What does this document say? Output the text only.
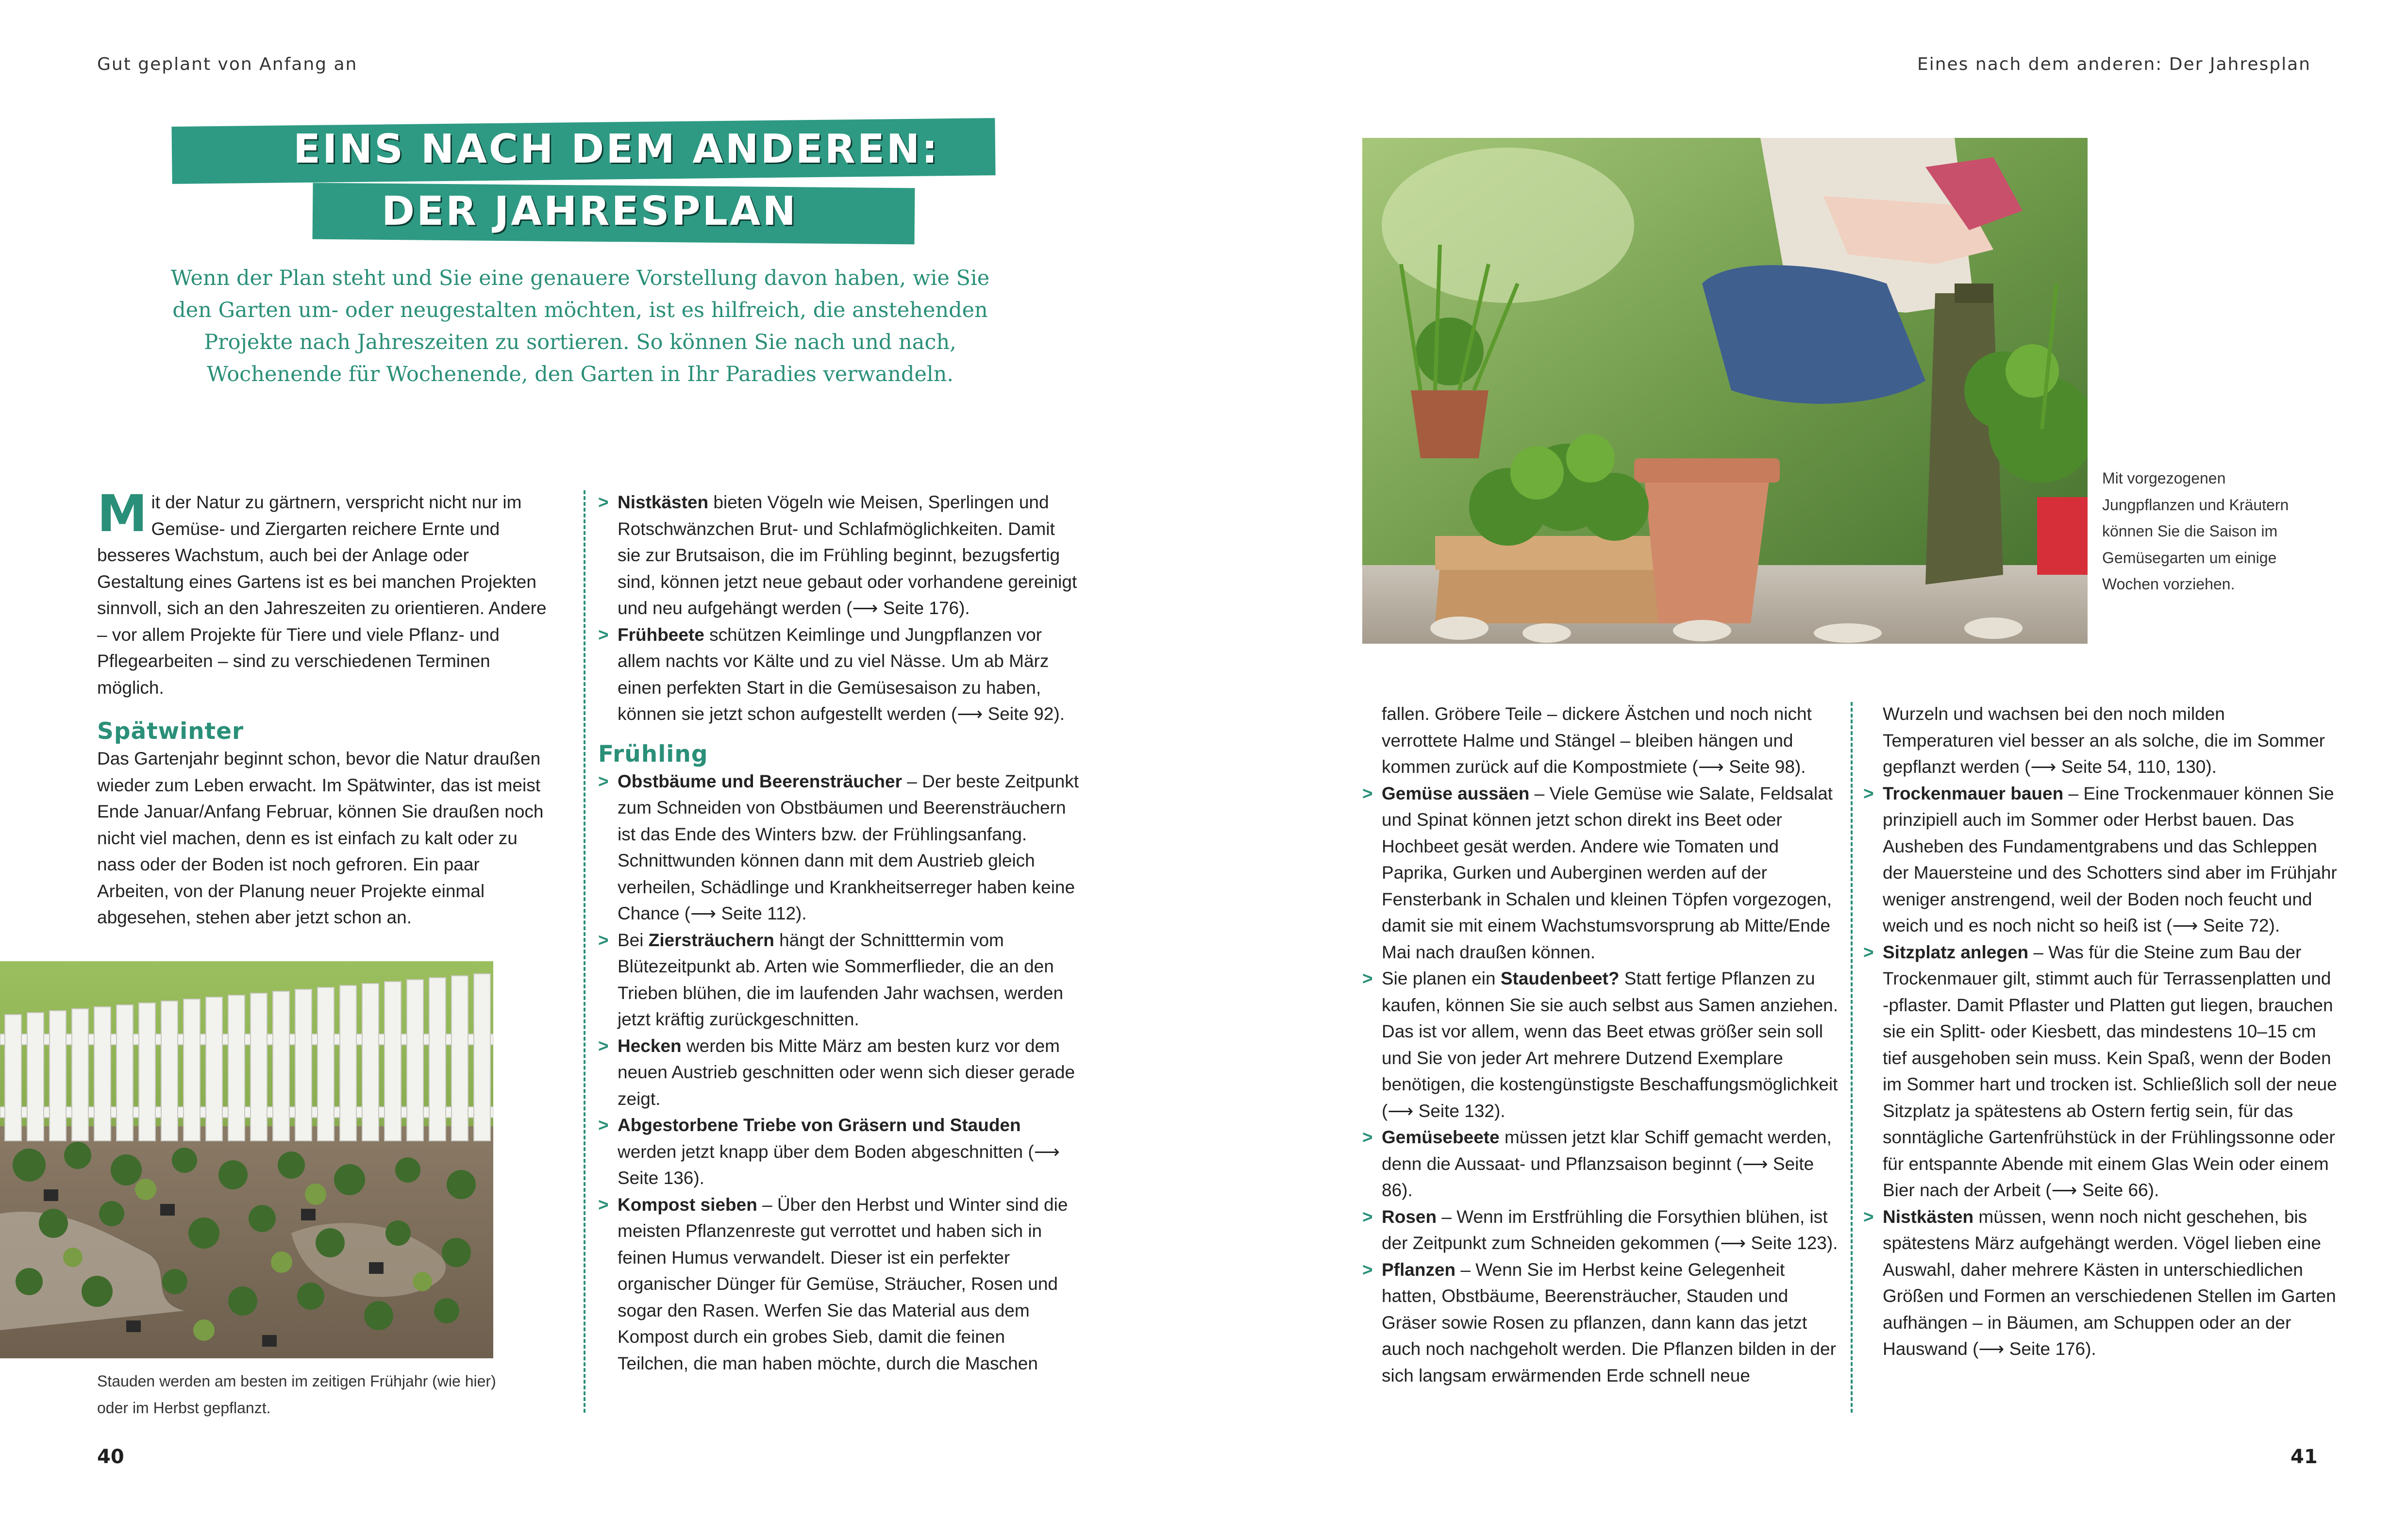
Gut geplant von Anfang an	Eines nach dem anderen: Der Jahresplan
40	41
EINS NACH DEM ANDEREN:
DER JAHRESPLAN
Wenn der Plan steht und Sie eine genauere Vorstellung davon haben, wie Sie den Garten um- oder neugestalten möchten, ist es hilfreich, die anstehenden Projekte nach Jahreszeiten zu sortieren. So können Sie nach und nach, Wochenende für Wochenende, den Garten in Ihr Paradies verwandeln.

Mit der Natur zu gärtnern, verspricht nicht nur im Gemüse- und Ziergarten reichere Ernte und besseres Wachstum, auch bei der Anlage oder Gestaltung eines Gartens ist es bei manchen Projekten sinnvoll, sich an den Jahreszeiten zu orientieren. Andere – vor allem Projekte für Tiere und viele Pflanz- und Pflegearbeiten – sind zu verschiedenen Terminen möglich.

Spätwinter

Das Gartenjahr beginnt schon, bevor die Natur draußen wieder zum Leben erwacht. Im Spätwinter, das ist meist Ende Januar/Anfang Februar, können Sie draußen noch nicht viel machen, denn es ist einfach zu kalt oder zu nass oder der Boden ist noch gefroren. Ein paar Arbeiten, von der Planung neuer Projekte einmal abgesehen, stehen aber jetzt schon an.

Stauden werden am besten im zeitigen Frühjahr (wie hier) oder im Herbst gepflanzt.

> Nistkästen bieten Vögeln wie Meisen, Sperlingen und Rotschwänzchen Brut- und Schlafmöglichkeiten. Damit sie zur Brutsaison, die im Frühling beginnt, bezugsfertig sind, können jetzt neue gebaut oder vorhandene gereinigt und neu aufgehängt werden (⟶ Seite 176).

> Frühbeete schützen Keimlinge und Jungpflanzen vor allem nachts vor Kälte und zu viel Nässe. Um ab März einen perfekten Start in die Gemüsesaison zu haben, können sie jetzt schon aufgestellt werden (⟶ Seite 92).

Frühling

> Obstbäume und Beerensträucher – Der beste Zeitpunkt zum Schneiden von Obstbäumen und Beerensträuchern ist das Ende des Winters bzw. der Frühlingsanfang. Schnittwunden können dann mit dem Austrieb gleich verheilen, Schädlinge und Krankheitserreger haben keine Chance (⟶ Seite 112).

> Bei Ziersträuchern hängt der Schnitttermin vom Blütezeitpunkt ab. Arten wie Sommerflieder, die an den Trieben blühen, die im laufenden Jahr wachsen, werden jetzt kräftig zurückgeschnitten.

> Hecken werden bis Mitte März am besten kurz vor dem neuen Austrieb geschnitten oder wenn sich dieser gerade zeigt.

> Abgestorbene Triebe von Gräsern und Stauden werden jetzt knapp über dem Boden abgeschnitten (⟶ Seite 136).

> Kompost sieben – Über den Herbst und Winter sind die meisten Pflanzenreste gut verrottet und haben sich in feinen Humus verwandelt. Dieser ist ein perfekter organischer Dünger für Gemüse, Sträucher, Rosen und sogar den Rasen. Werfen Sie das Material aus dem Kompost durch ein grobes Sieb, damit die feinen Teilchen, die man haben möchte, durch die Maschen

Mit vorgezogenen Jungpflanzen und Kräutern können Sie die Saison im Gemüsegarten um einige Wochen vorziehen.

fallen. Gröbere Teile – dickere Ästchen und noch nicht verrottete Halme und Stängel – bleiben hängen und kommen zurück auf die Kompostmiete (⟶ Seite 98).

> Gemüse aussäen – Viele Gemüse wie Salate, Feldsalat und Spinat können jetzt schon direkt ins Beet oder Hochbeet gesät werden. Andere wie Tomaten und Paprika, Gurken und Auberginen werden auf der Fensterbank in Schalen und kleinen Töpfen vorgezogen, damit sie mit einem Wachstumsvorsprung ab Mitte/Ende Mai nach draußen können.

> Sie planen ein Staudenbeet? Statt fertige Pflanzen zu kaufen, können Sie sie auch selbst aus Samen anziehen. Das ist vor allem, wenn das Beet etwas größer sein soll und Sie von jeder Art mehrere Dutzend Exemplare benötigen, die kostengünstigste Beschaffungsmöglichkeit (⟶ Seite 132).

> Gemüsebeete müssen jetzt klar Schiff gemacht werden, denn die Aussaat- und Pflanzsaison beginnt (⟶ Seite 86).

> Rosen – Wenn im Erstfrühling die Forsythien blühen, ist der Zeitpunkt zum Schneiden gekommen (⟶ Seite 123).

> Pflanzen – Wenn Sie im Herbst keine Gelegenheit hatten, Obstbäume, Beerensträucher, Stauden und Gräser sowie Rosen zu pflanzen, dann kann das jetzt auch noch nachgeholt werden. Die Pflanzen bilden in der sich langsam erwärmenden Erde schnell neue

Wurzeln und wachsen bei den noch milden Temperaturen viel besser an als solche, die im Sommer gepflanzt werden (⟶ Seite 54, 110, 130).

> Trockenmauer bauen – Eine Trockenmauer können Sie prinzipiell auch im Sommer oder Herbst bauen. Das Ausheben des Fundamentgrabens und das Schleppen der Mauersteine und des Schotters sind aber im Frühjahr weniger anstrengend, weil der Boden noch feucht und weich und es noch nicht so heiß ist (⟶ Seite 72).

> Sitzplatz anlegen – Was für die Steine zum Bau der Trockenmauer gilt, stimmt auch für Terrassenplatten und -pflaster. Damit Pflaster und Platten gut liegen, brauchen sie ein Splitt- oder Kiesbett, das mindestens 10–15 cm tief ausgehoben sein muss. Kein Spaß, wenn der Boden im Sommer hart und trocken ist. Schließlich soll der neue Sitzplatz ja spätestens ab Ostern fertig sein, für das sonntägliche Gartenfrühstück in der Frühlingssonne oder für entspannte Abende mit einem Glas Wein oder einem Bier nach der Arbeit (⟶ Seite 66).

> Nistkästen müssen, wenn noch nicht geschehen, bis spätestens März aufgehängt werden. Vögel lieben eine Auswahl, daher mehrere Kästen in unterschiedlichen Größen und Formen an verschiedenen Stellen im Garten aufhängen – in Bäumen, am Schuppen oder an der Hauswand (⟶ Seite 176).
